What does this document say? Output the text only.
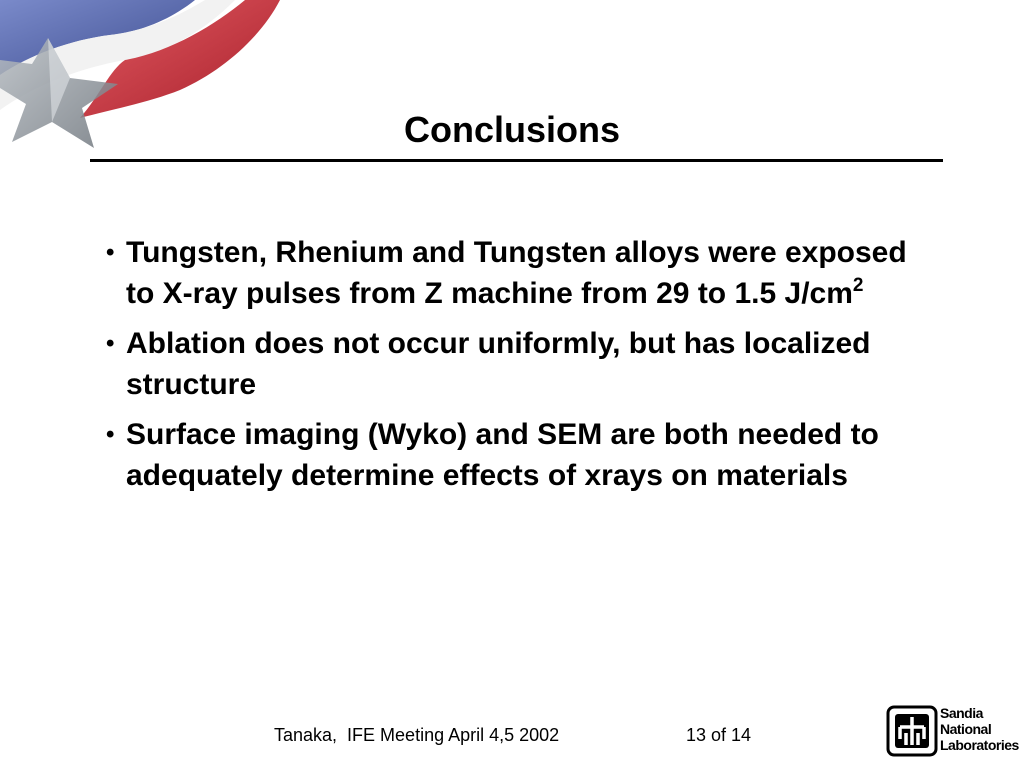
Conclusions
• Tungsten, Rhenium and Tungsten alloys were exposed to X-ray pulses from Z machine from 29 to 1.5 $J/cm^2$
• Ablation does not occur uniformly, but has localized structure
• Surface imaging (Wyko) and SEM are both needed to adequately determine effects of xrays on materials
Tanaka,  IFE Meeting April 4,5 2002	13 of 14
Sandia
National
Laboratories
